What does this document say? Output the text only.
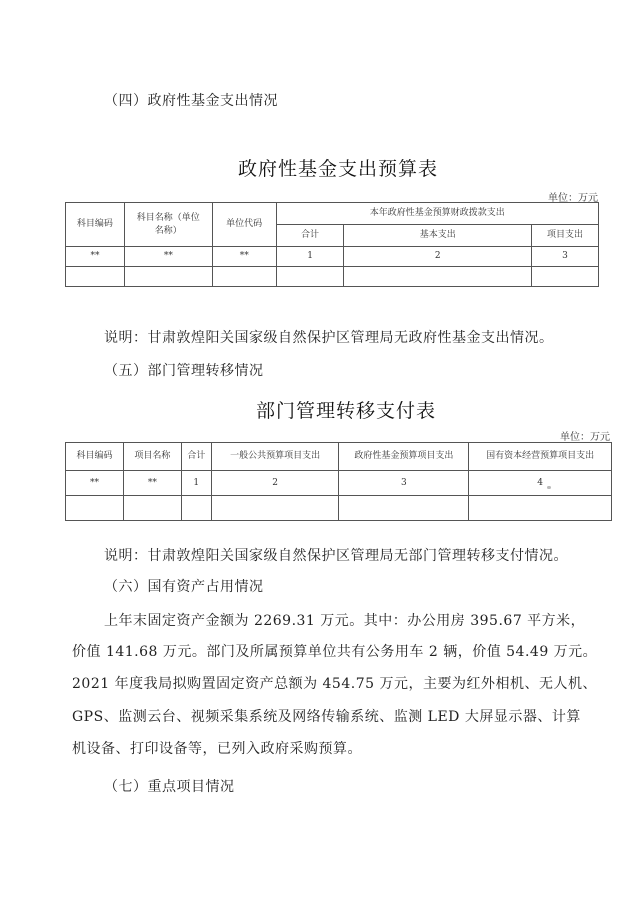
（四）政府性基金支出情况
政府性基金支出预算表
单位：万元
科目编码	科目名称（单位名称）	单位代码	本年政府性基金预算财政拨款支出		
			合计	基本支出	项目支出
**	**	**	1	2	3

说明：甘肃敦煌阳关国家级自然保护区管理局无政府性基金支出情况。
（五）部门管理转移情况
部门管理转移支付表
单位：万元
科目编码	项目名称	合计	一般公共预算项目支出	政府性基金预算项目支出	国有资本经营预算项目支出
**	**	1	2	3	4

说明：甘肃敦煌阳关国家级自然保护区管理局无部门管理转移支付情况。
（六）国有资产占用情况
上年末固定资产金额为 2269.31 万元。其中：办公用房 395.67 平方米，
价值 141.68 万元。部门及所属预算单位共有公务用车 2 辆，价值 54.49 万元。
2021 年度我局拟购置固定资产总额为 454.75 万元，主要为红外相机、无人机、
GPS、监测云台、视频采集系统及网络传输系统、监测 LED 大屏显示器、计算
机设备、打印设备等，已列入政府采购预算。
（七）重点项目情况
